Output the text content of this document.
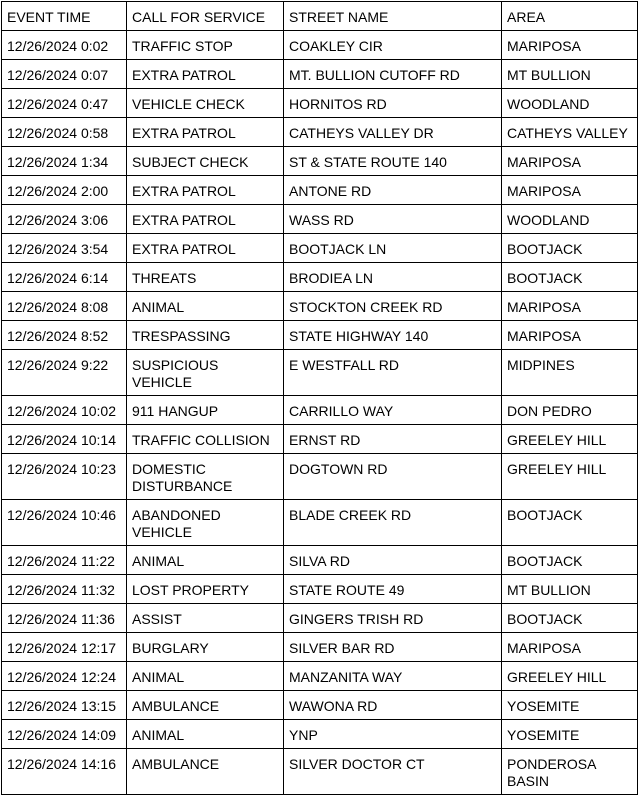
EVENT TIME	CALL FOR SERVICE	STREET NAME	AREA
12/26/2024 0:02	TRAFFIC STOP	COAKLEY CIR	MARIPOSA
12/26/2024 0:07	EXTRA PATROL	MT. BULLION CUTOFF RD	MT BULLION
12/26/2024 0:47	VEHICLE CHECK	HORNITOS RD	WOODLAND
12/26/2024 0:58	EXTRA PATROL	CATHEYS VALLEY DR	CATHEYS VALLEY
12/26/2024 1:34	SUBJECT CHECK	ST & STATE ROUTE 140	MARIPOSA
12/26/2024 2:00	EXTRA PATROL	ANTONE RD	MARIPOSA
12/26/2024 3:06	EXTRA PATROL	WASS RD	WOODLAND
12/26/2024 3:54	EXTRA PATROL	BOOTJACK LN	BOOTJACK
12/26/2024 6:14	THREATS	BRODIEA LN	BOOTJACK
12/26/2024 8:08	ANIMAL	STOCKTON CREEK RD	MARIPOSA
12/26/2024 8:52	TRESPASSING	STATE HIGHWAY 140	MARIPOSA
12/26/2024 9:22	SUSPICIOUS VEHICLE	E WESTFALL RD	MIDPINES
12/26/2024 10:02	911 HANGUP	CARRILLO WAY	DON PEDRO
12/26/2024 10:14	TRAFFIC COLLISION	ERNST RD	GREELEY HILL
12/26/2024 10:23	DOMESTIC DISTURBANCE	DOGTOWN RD	GREELEY HILL
12/26/2024 10:46	ABANDONED VEHICLE	BLADE CREEK RD	BOOTJACK
12/26/2024 11:22	ANIMAL	SILVA RD	BOOTJACK
12/26/2024 11:32	LOST PROPERTY	STATE ROUTE 49	MT BULLION
12/26/2024 11:36	ASSIST	GINGERS TRISH RD	BOOTJACK
12/26/2024 12:17	BURGLARY	SILVER BAR RD	MARIPOSA
12/26/2024 12:24	ANIMAL	MANZANITA WAY	GREELEY HILL
12/26/2024 13:15	AMBULANCE	WAWONA RD	YOSEMITE
12/26/2024 14:09	ANIMAL	YNP	YOSEMITE
12/26/2024 14:16	AMBULANCE	SILVER DOCTOR CT	PONDEROSA BASIN
